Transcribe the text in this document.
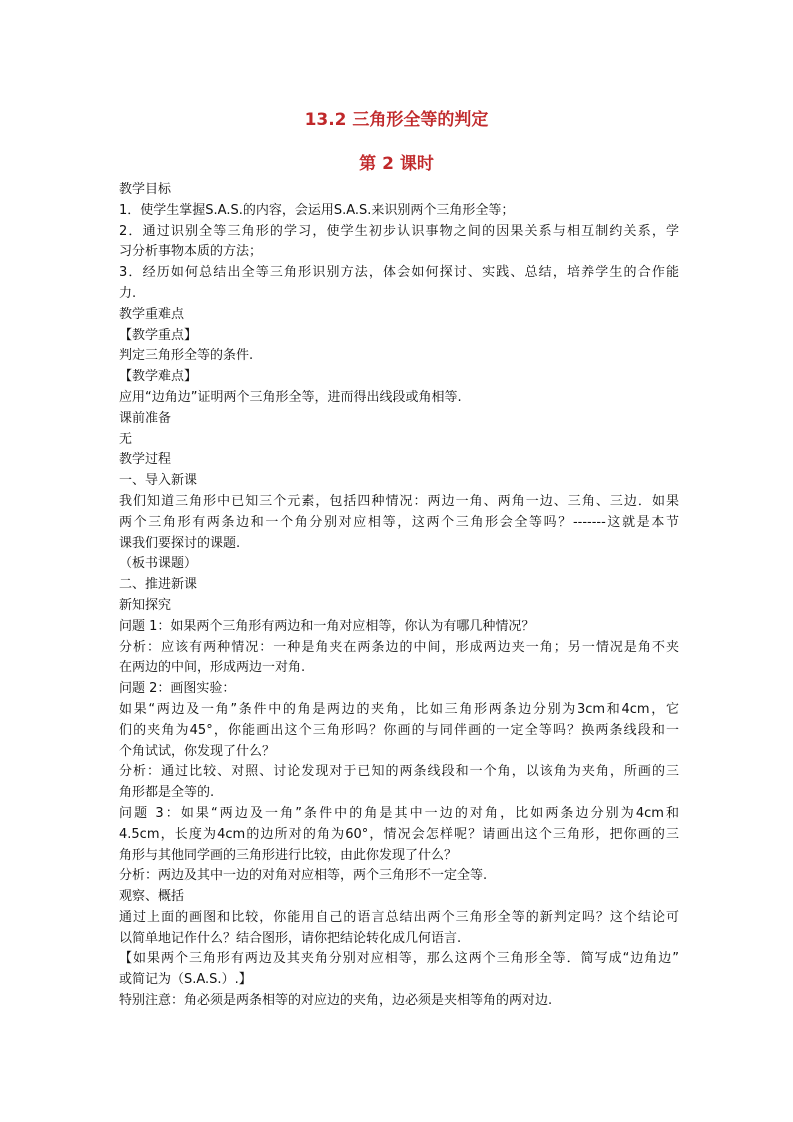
13.2 三角形全等的判定
第 2 课时
教学目标
1．使学生掌握S.A.S.的内容，会运用S.A.S.来识别两个三角形全等；
2．通过识别全等三角形的学习，使学生初步认识事物之间的因果关系与相互制约关系，学
习分析事物本质的方法；
3．经历如何总结出全等三角形识别方法，体会如何探讨、实践、总结，培养学生的合作能
力.
教学重难点
【教学重点】
判定三角形全等的条件.
【教学难点】
应用“边角边”证明两个三角形全等，进而得出线段或角相等.
课前准备
无
教学过程
一、导入新课
我们知道三角形中已知三个元素，包括四种情况：两边一角、两角一边、三角、三边．如果
两个三角形有两条边和一个角分别对应相等，这两个三角形会全等吗？-------这就是本节
课我们要探讨的课题.
（板书课题）
二、推进新课
新知探究
问题 1：如果两个三角形有两边和一角对应相等，你认为有哪几种情况？
分析：应该有两种情况：一种是角夹在两条边的中间，形成两边夹一角；另一情况是角不夹
在两边的中间，形成两边一对角.
问题 2：画图实验：
如果“两边及一角”条件中的角是两边的夹角，比如三角形两条边分别为3cm和4cm，它
们的夹角为45°，你能画出这个三角形吗？你画的与同伴画的一定全等吗？换两条线段和一
个角试试，你发现了什么？
分析：通过比较、对照、讨论发现对于已知的两条线段和一个角，以该角为夹角，所画的三
角形都是全等的.
问题 3：如果“两边及一角”条件中的角是其中一边的对角，比如两条边分别为4cm和
4.5cm，长度为4cm的边所对的角为60°，情况会怎样呢？请画出这个三角形，把你画的三
角形与其他同学画的三角形进行比较，由此你发现了什么？
分析：两边及其中一边的对角对应相等，两个三角形不一定全等.
观察、概括
通过上面的画图和比较，你能用自己的语言总结出两个三角形全等的新判定吗？这个结论可
以简单地记作什么？结合图形，请你把结论转化成几何语言.
【如果两个三角形有两边及其夹角分别对应相等，那么这两个三角形全等．简写成“边角边”
或简记为（S.A.S.）.】
特别注意：角必须是两条相等的对应边的夹角，边必须是夹相等角的两对边.
